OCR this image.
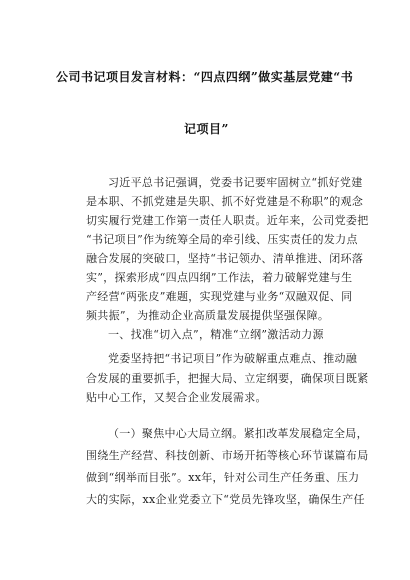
公司书记项目发言材料：“四点四纲”做实基层党建“书
记项目”
习近平总书记强调，党委书记要牢固树立“抓好党建
是本职、不抓党建是失职、抓不好党建是不称职”的观念
切实履行党建工作第一责任人职责。近年来，公司党委把
“书记项目”作为统筹全局的牵引线、压实责任的发力点
融合发展的突破口，坚持“书记领办、清单推进、闭环落
实”，探索形成“四点四纲”工作法，着力破解党建与生
产经营“两张皮”难题，实现党建与业务“双融双促、同
频共振”，为推动企业高质量发展提供坚强保障。
一、找准“切入点”，精准“立纲”激活动力源
党委坚持把“书记项目”作为破解重点难点、推动融
合发展的重要抓手，把握大局、立定纲要，确保项目既紧
贴中心工作，又契合企业发展需求。
（一）聚焦中心大局立纲。紧扣改革发展稳定全局，
围绕生产经营、科技创新、市场开拓等核心环节谋篇布局
做到“纲举而目张”。xx年，针对公司生产任务重、压力
大的实际，xx企业党委立下“党员先锋攻坚，确保生产任
